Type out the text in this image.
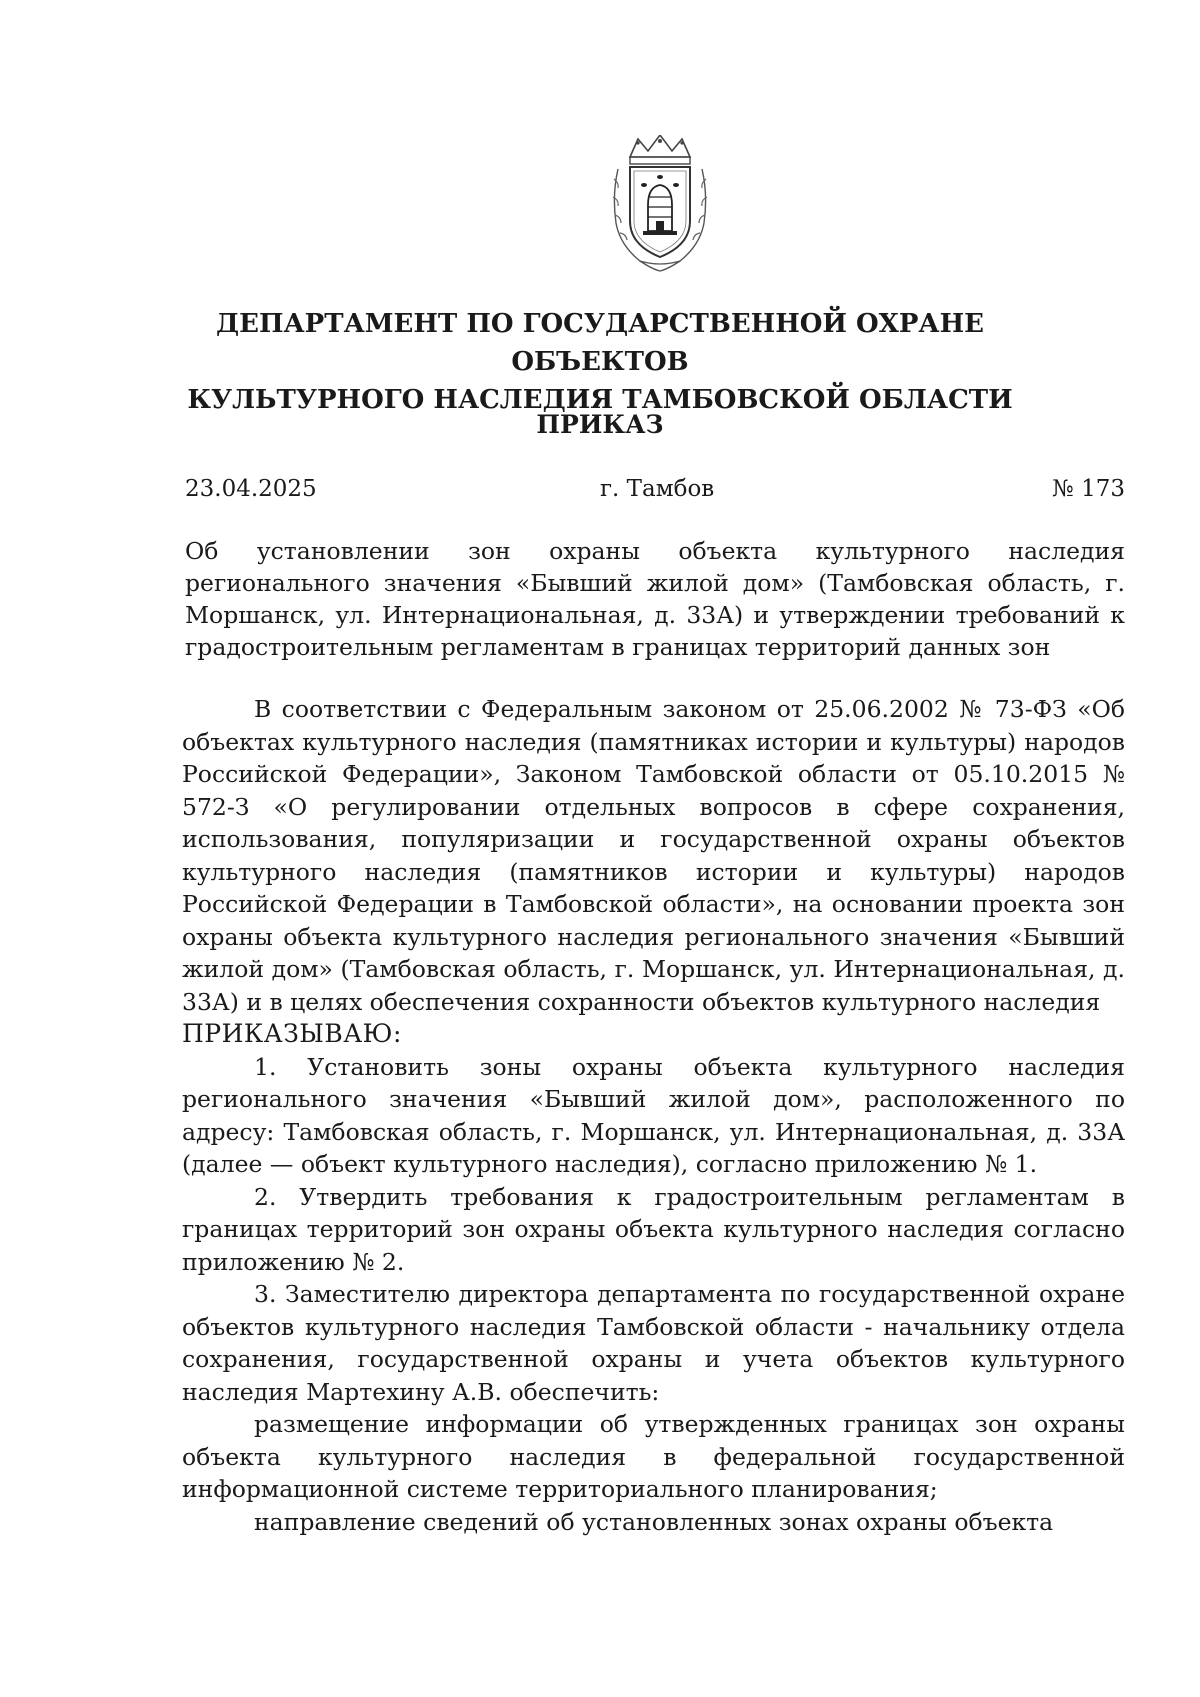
ДЕПАРТАМЕНТ ПО ГОСУДАРСТВЕННОЙ ОХРАНЕ ОБЪЕКТОВ
КУЛЬТУРНОГО НАСЛЕДИЯ ТАМБОВСКОЙ ОБЛАСТИ
ПРИКАЗ
23.04.2025	г. Тамбов	№ 173
Об установлении зон охраны объекта культурного наследия регионального значения «Бывший жилой дом» (Тамбовская область, г. Моршанск, ул. Интернациональная, д. 33А) и утверждении требований к градостроительным регламентам в границах территорий данных зон

В соответствии с Федеральным законом от 25.06.2002 № 73-ФЗ «Об объектах культурного наследия (памятниках истории и культуры) народов Российской Федерации», Законом Тамбовской области от 05.10.2015 № 572-З «О регулировании отдельных вопросов в сфере сохранения, использования, популяризации и государственной охраны объектов культурного наследия (памятников истории и культуры) народов Российской Федерации в Тамбовской области», на основании проекта зон охраны объекта культурного наследия регионального значения «Бывший жилой дом» (Тамбовская область, г. Моршанск, ул. Интернациональная, д. 33А) и в целях обеспечения сохранности объектов культурного наследия

ПРИКАЗЫВАЮ:

1. Установить зоны охраны объекта культурного наследия регионального значения «Бывший жилой дом», расположенного по адресу: Тамбовская область, г. Моршанск, ул. Интернациональная, д. 33А (далее — объект культурного наследия), согласно приложению № 1.

2. Утвердить требования к градостроительным регламентам в границах территорий зон охраны объекта культурного наследия согласно приложению № 2.

3. Заместителю директора департамента по государственной охране объектов культурного наследия Тамбовской области - начальнику отдела сохранения, государственной охраны и учета объектов культурного наследия Мартехину А.В. обеспечить:

размещение информации об утвержденных границах зон охраны объекта культурного наследия в федеральной государственной информационной системе территориального планирования;

направление сведений об установленных зонах охраны объекта
